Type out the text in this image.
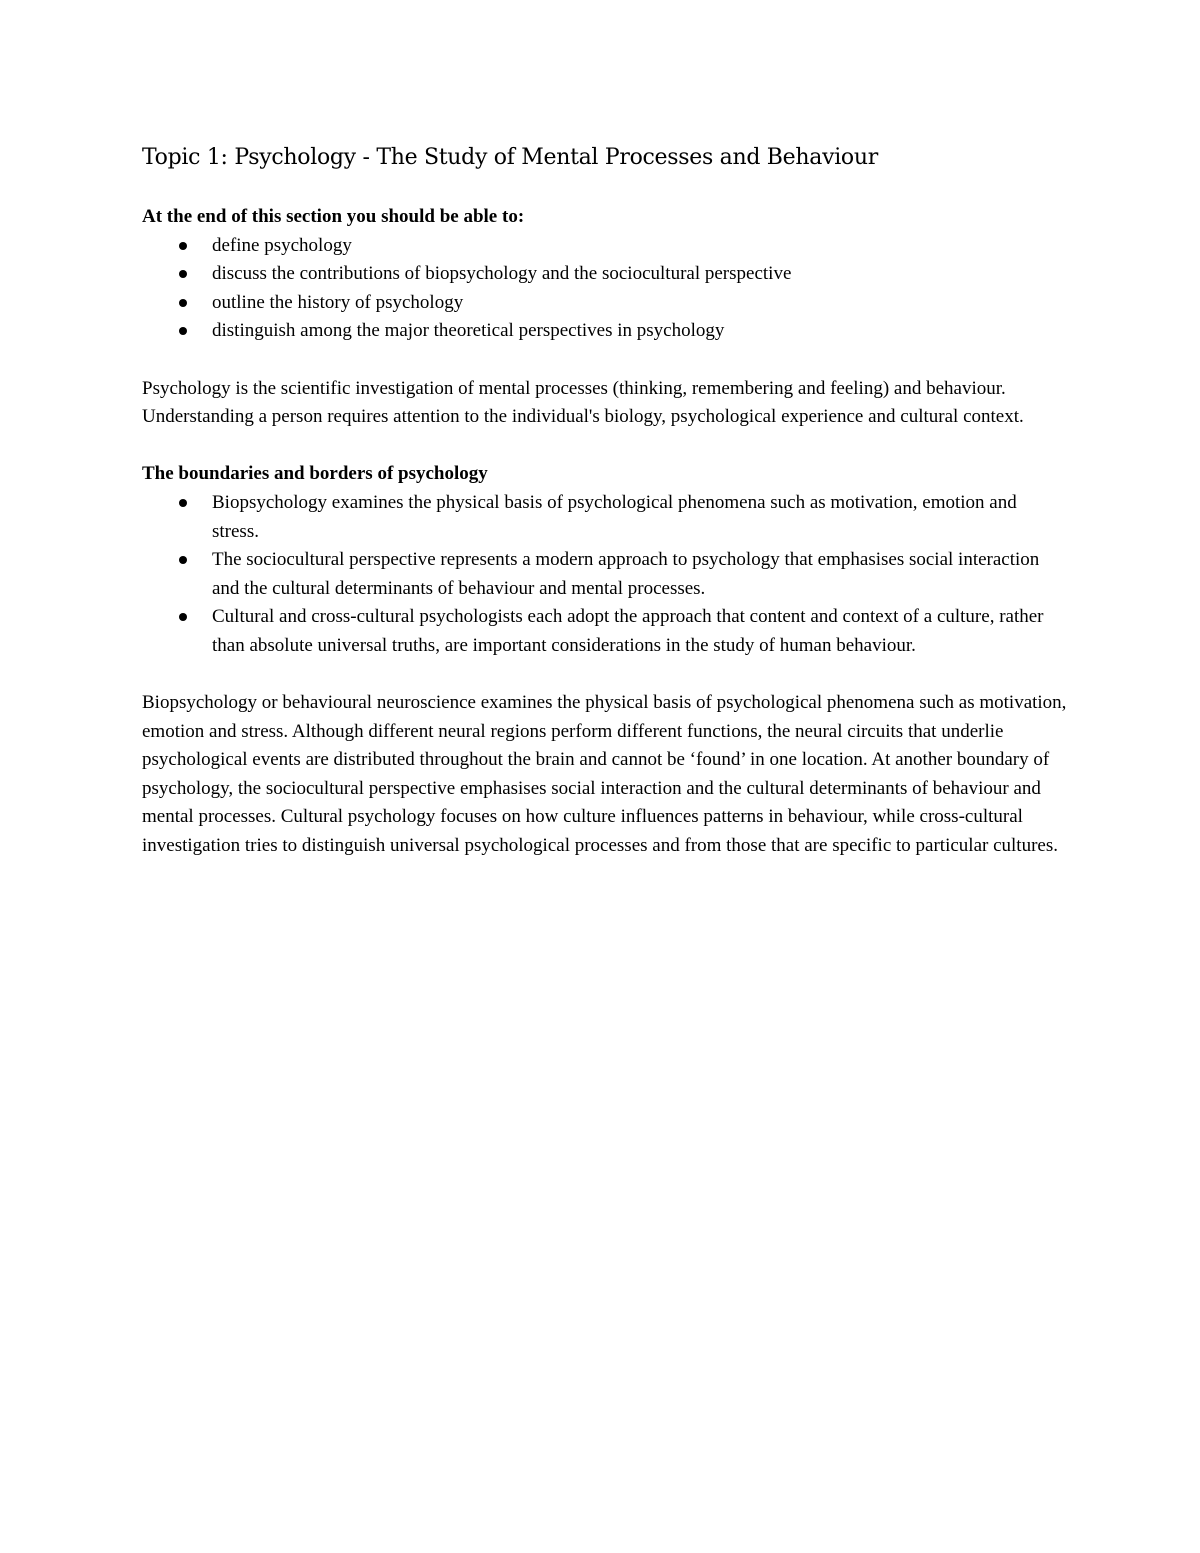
Topic 1: Psychology - The Study of Mental Processes and Behaviour

At the end of this section you should be able to:

define psychology
discuss the contributions of biopsychology and the sociocultural perspective
outline the history of psychology
distinguish among the major theoretical perspectives in psychology

Psychology is the scientific investigation of mental processes (thinking, remembering and feeling) and behaviour. Understanding a person requires attention to the individual's biology, psychological experience and cultural context.

The boundaries and borders of psychology

Biopsychology examines the physical basis of psychological phenomena such as motivation, emotion and stress.
The sociocultural perspective represents a modern approach to psychology that emphasises social interaction and the cultural determinants of behaviour and mental processes.
Cultural and cross-cultural psychologists each adopt the approach that content and context of a culture, rather than absolute universal truths, are important considerations in the study of human behaviour.

Biopsychology or behavioural neuroscience examines the physical basis of psychological phenomena such as motivation, emotion and stress. Although different neural regions perform different functions, the neural circuits that underlie psychological events are distributed throughout the brain and cannot be ‘found’ in one location. At another boundary of psychology, the sociocultural perspective emphasises social interaction and the cultural determinants of behaviour and mental processes. Cultural psychology focuses on how culture influences patterns in behaviour, while cross-cultural investigation tries to distinguish universal psychological processes and from those that are specific to particular cultures.
